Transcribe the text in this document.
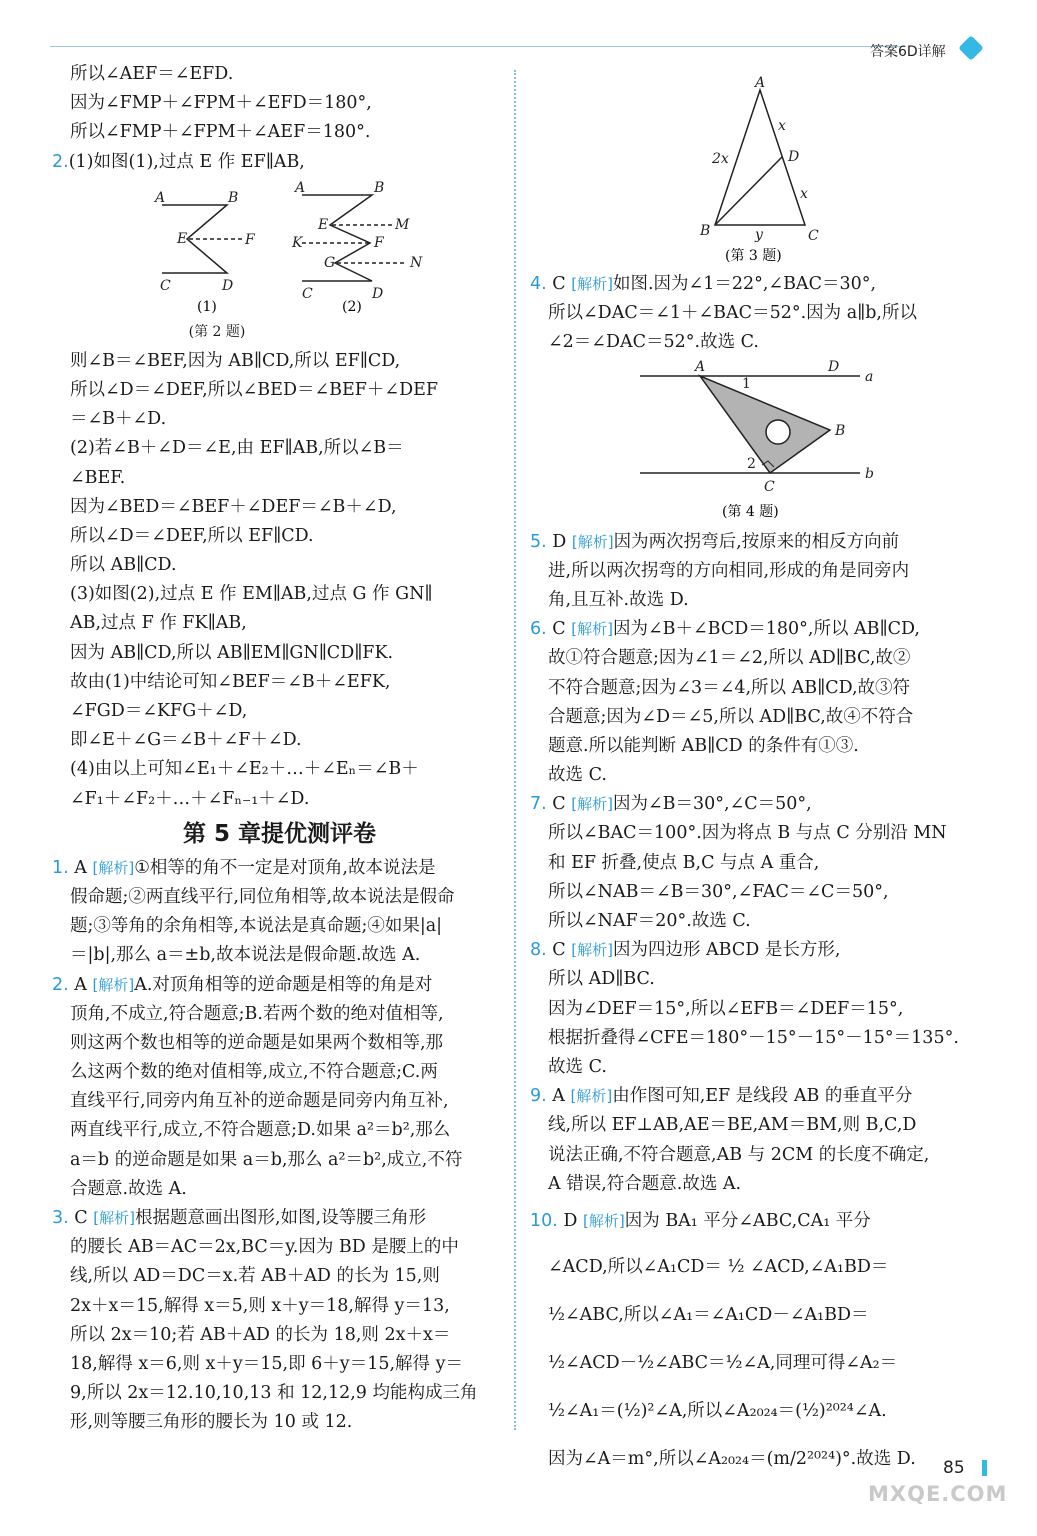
答案6D详解
所以∠AEF＝∠EFD.
因为∠FMP＋∠FPM＋∠EFD＝180°,
所以∠FMP＋∠FPM＋∠AEF＝180°.
2.(1)如图(1),过点 E 作 EF∥AB,
A	B
E	F
C	D
A	B
E	M
K	F
G	N
C	D
(1)	(2)
(第 2 题)
则∠B＝∠BEF,因为 AB∥CD,所以 EF∥CD,
所以∠D＝∠DEF,所以∠BED＝∠BEF＋∠DEF
＝∠B＋∠D.
(2)若∠B＋∠D＝∠E,由 EF∥AB,所以∠B＝
∠BEF.
因为∠BED＝∠BEF＋∠DEF＝∠B＋∠D,
所以∠D＝∠DEF,所以 EF∥CD.
所以 AB∥CD.
(3)如图(2),过点 E 作 EM∥AB,过点 G 作 GN∥
AB,过点 F 作 FK∥AB,
因为 AB∥CD,所以 AB∥EM∥GN∥CD∥FK.
故由(1)中结论可知∠BEF＝∠B＋∠EFK,
∠FGD＝∠KFG＋∠D,
即∠E＋∠G＝∠B＋∠F＋∠D.
(4)由以上可知∠E₁＋∠E₂＋…＋∠Eₙ＝∠B＋
∠F₁＋∠F₂＋…＋∠Fₙ₋₁＋∠D.
第 5 章提优测评卷
1. A [解析]①相等的角不一定是对顶角,故本说法是
假命题;②两直线平行,同位角相等,故本说法是假命
题;③等角的余角相等,本说法是真命题;④如果|a|
＝|b|,那么 a＝±b,故本说法是假命题.故选 A.
2. A [解析]A.对顶角相等的逆命题是相等的角是对
顶角,不成立,符合题意;B.若两个数的绝对值相等,
则这两个数也相等的逆命题是如果两个数相等,那
么这两个数的绝对值相等,成立,不符合题意;C.两
直线平行,同旁内角互补的逆命题是同旁内角互补,
两直线平行,成立,不符合题意;D.如果 a²＝b²,那么
a＝b 的逆命题是如果 a＝b,那么 a²＝b²,成立,不符
合题意.故选 A.
3. C [解析]根据题意画出图形,如图,设等腰三角形
的腰长 AB＝AC＝2x,BC＝y.因为 BD 是腰上的中
线,所以 AD＝DC＝x.若 AB＋AD 的长为 15,则
2x＋x＝15,解得 x＝5,则 x＋y＝18,解得 y＝13,
所以 2x＝10;若 AB＋AD 的长为 18,则 2x＋x＝
18,解得 x＝6,则 x＋y＝15,即 6＋y＝15,解得 y＝
9,所以 2x＝12.10,10,13 和 12,12,9 均能构成三角
形,则等腰三角形的腰长为 10 或 12.
A
x
2x	D
x
B	y	C
(第 3 题)
4. C [解析]如图.因为∠1＝22°,∠BAC＝30°,
所以∠DAC＝∠1＋∠BAC＝52°.因为 a∥b,所以
∠2＝∠DAC＝52°.故选 C.
A	D
a
1
B
2
C
b
(第 4 题)
5. D [解析]因为两次拐弯后,按原来的相反方向前
进,所以两次拐弯的方向相同,形成的角是同旁内
角,且互补.故选 D.
6. C [解析]因为∠B＋∠BCD＝180°,所以 AB∥CD,
故①符合题意;因为∠1＝∠2,所以 AD∥BC,故②
不符合题意;因为∠3＝∠4,所以 AB∥CD,故③符
合题意;因为∠D＝∠5,所以 AD∥BC,故④不符合
题意.所以能判断 AB∥CD 的条件有①③.
故选 C.
7. C [解析]因为∠B＝30°,∠C＝50°,
所以∠BAC＝100°.因为将点 B 与点 C 分别沿 MN
和 EF 折叠,使点 B,C 与点 A 重合,
所以∠NAB＝∠B＝30°,∠FAC＝∠C＝50°,
所以∠NAF＝20°.故选 C.
8. C [解析]因为四边形 ABCD 是长方形,
所以 AD∥BC.
因为∠DEF＝15°,所以∠EFB＝∠DEF＝15°,
根据折叠得∠CFE＝180°－15°－15°－15°＝135°.
故选 C.
9. A [解析]由作图可知,EF 是线段 AB 的垂直平分
线,所以 EF⊥AB,AE＝BE,AM＝BM,则 B,C,D
说法正确,不符合题意,AB 与 2CM 的长度不确定,
A 错误,符合题意.故选 A.
10. D [解析]因为 BA₁ 平分∠ABC,CA₁ 平分
∠ACD,所以∠A₁CD＝ ½ ∠ACD,∠A₁BD＝
½∠ABC,所以∠A₁＝∠A₁CD－∠A₁BD＝
½∠ACD－½∠ABC＝½∠A,同理可得∠A₂＝
½∠A₁＝(½)²∠A,所以∠A₂₀₂₄＝(½)²⁰²⁴∠A.
因为∠A＝m°,所以∠A₂₀₂₄＝(m/2²⁰²⁴)°.故选 D.	85
MXQE.COM
